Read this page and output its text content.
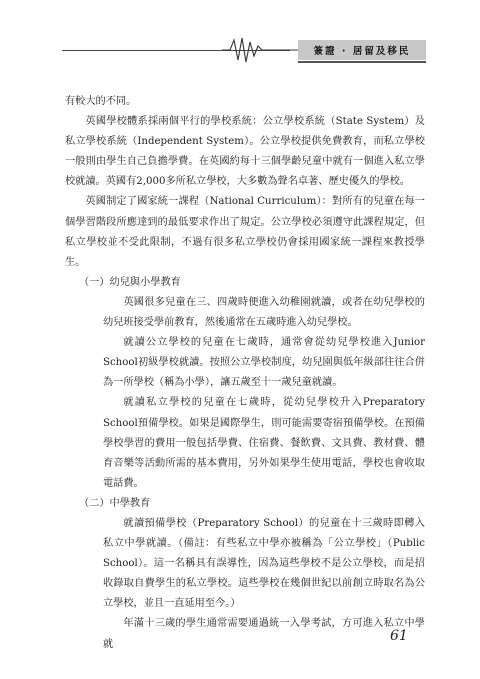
簽證 · 居留及移民

有較大的不同。

英國學校體系採兩個平行的學校系統：公立學校系統（State System）及私立學校系統（Independent System）。公立學校提供免費教育，而私立學校一般則由學生自己負擔學費。在英國約每十三個學齡兒童中就有一個進入私立學校就讀。英國有2,000多所私立學校，大多數為聲名卓著、歷史優久的學校。

英國制定了國家統一課程（National Curriculum）：對所有的兒童在每一個學習階段所應達到的最低要求作出了規定。公立學校必須遵守此課程規定，但私立學校並不受此限制，不過有很多私立學校仍會採用國家統一課程來教授學生。

（一）幼兒與小學教育

英國很多兒童在三、四歲時便進入幼稚園就讀，或者在幼兒學校的幼兒班接受學前教育，然後通常在五歲時進入幼兒學校。

就讀公立學校的兒童在七歲時，通常會從幼兒學校進入Junior School初級學校就讀。按照公立學校制度，幼兒園與低年級部往往合併為一所學校（稱為小學），讓五歲至十一歲兒童就讀。

就讀私立學校的兒童在七歲時，從幼兒學校升入Preparatory School預備學校。如果是國際學生，則可能需要寄宿預備學校。在預備學校學習的費用一般包括學費、住宿費、餐飲費、文具費、教材費、體育音樂等活動所需的基本費用，另外如果學生使用電話，學校也會收取電話費。

（二）中學教育

就讀預備學校（Preparatory School）的兒童在十三歲時即轉入私立中學就讀。（備註：有些私立中學亦被稱為「公立學校」（Public School）。這一名稱具有誤導性，因為這些學校不是公立學校，而是招收錄取自費學生的私立學校。這些學校在幾個世紀以前創立時取名為公立學校，並且一直延用至今。）

年滿十三歲的學生通常需要通過統一入學考試，方可進入私立中學就

61
